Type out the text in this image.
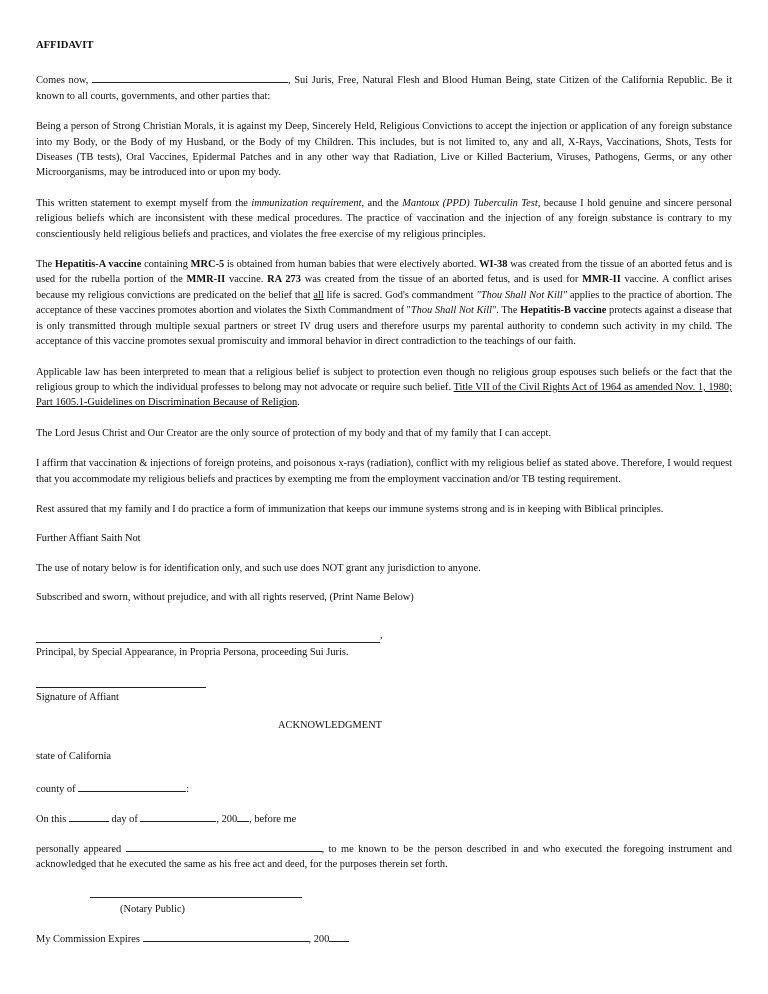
AFFIDAVIT

Comes now,	, Sui Juris, Free, Natural Flesh and Blood Human Being, state Citizen of the California Republic. Be it known to all courts, governments, and other parties that:

Being a person of Strong Christian Morals, it is against my Deep, Sincerely Held, Religious Convictions to accept the injection or application of any foreign substance into my Body, or the Body of my Husband, or the Body of my Children. This includes, but is not limited to, any and all, X-Rays, Vaccinations, Shots, Tests for Diseases (TB tests), Oral Vaccines, Epidermal Patches and in any other way that Radiation, Live or Killed Bacterium, Viruses, Pathogens, Germs, or any other Microorganisms, may be introduced into or upon my body.

This written statement to exempt myself from the immunization requirement, and the Mantoux (PPD) Tuberculin Test, because I hold genuine and sincere personal religious beliefs which are inconsistent with these medical procedures. The practice of vaccination and the injection of any foreign substance is contrary to my conscientiously held religious beliefs and practices, and violates the free exercise of my religious principles.

The Hepatitis-A vaccine containing MRC-5 is obtained from human babies that were electively aborted. WI-38 was created from the tissue of an aborted fetus and is used for the rubella portion of the MMR-II vaccine. RA 273 was created from the tissue of an aborted fetus, and is used for MMR-II vaccine. A conflict arises because my religious convictions are predicated on the belief that all life is sacred. God's commandment "Thou Shall Not Kill" applies to the practice of abortion. The acceptance of these vaccines promotes abortion and violates the Sixth Commandment of "Thou Shall Not Kill". The Hepatitis-B vaccine protects against a disease that is only transmitted through multiple sexual partners or street IV drug users and therefore usurps my parental authority to condemn such activity in my child. The acceptance of this vaccine promotes sexual promiscuity and immoral behavior in direct contradiction to the teachings of our faith.

Applicable law has been interpreted to mean that a religious belief is subject to protection even though no religious group espouses such beliefs or the fact that the religious group to which the individual professes to belong may not advocate or require such belief. Title VII of the Civil Rights Act of 1964 as amended Nov. 1, 1980; Part 1605.1-Guidelines on Discrimination Because of Religion.

The Lord Jesus Christ and Our Creator are the only source of protection of my body and that of my family that I can accept.

I affirm that vaccination & injections of foreign proteins, and poisonous x-rays (radiation), conflict with my religious belief as stated above. Therefore, I would request that you accommodate my religious beliefs and practices by exempting me from the employment vaccination and/or TB testing requirement.

Rest assured that my family and I do practice a form of immunization that keeps our immune systems strong and is in keeping with Biblical principles.

Further Affiant Saith Not

The use of notary below is for identification only, and such use does NOT grant any jurisdiction to anyone.

Subscribed and sworn, without prejudice, and with all rights reserved, (Print Name Below)

,
Principal, by Special Appearance, in Propria Persona, proceeding Sui Juris.
Signature of Affiant
ACKNOWLEDGMENT
state of California
county of	:
On this	day of	, 200 , before me
personally appeared	, to me known to be the person described in and who executed the foregoing instrument and acknowledged that he executed the same as his free act and deed, for the purposes therein set forth.
(Notary Public)
My Commission Expires	, 200
